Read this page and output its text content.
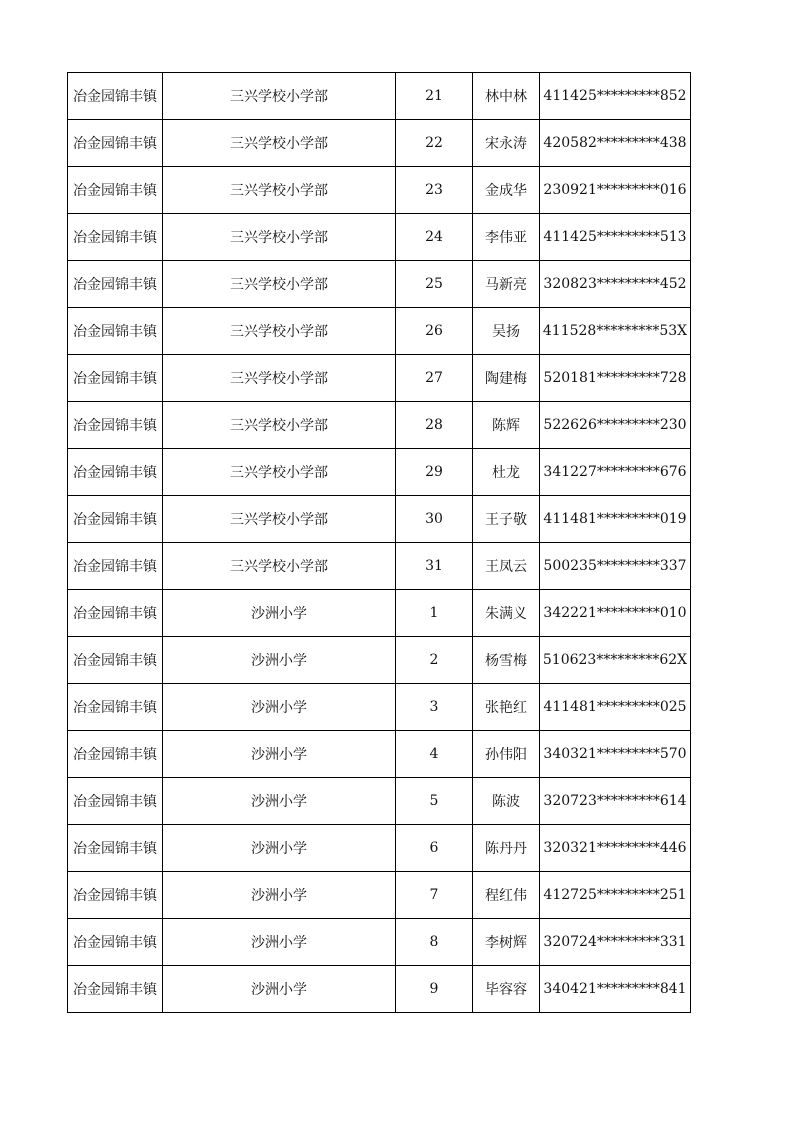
冶金园锦丰镇	三兴学校小学部	21	林中林	411425*********852
冶金园锦丰镇	三兴学校小学部	22	宋永涛	420582*********438
冶金园锦丰镇	三兴学校小学部	23	金成华	230921*********016
冶金园锦丰镇	三兴学校小学部	24	李伟亚	411425*********513
冶金园锦丰镇	三兴学校小学部	25	马新亮	320823*********452
冶金园锦丰镇	三兴学校小学部	26	吴扬	411528*********53X
冶金园锦丰镇	三兴学校小学部	27	陶建梅	520181*********728
冶金园锦丰镇	三兴学校小学部	28	陈辉	522626*********230
冶金园锦丰镇	三兴学校小学部	29	杜龙	341227*********676
冶金园锦丰镇	三兴学校小学部	30	王子敬	411481*********019
冶金园锦丰镇	三兴学校小学部	31	王凤云	500235*********337
冶金园锦丰镇	沙洲小学	1	朱满义	342221*********010
冶金园锦丰镇	沙洲小学	2	杨雪梅	510623*********62X
冶金园锦丰镇	沙洲小学	3	张艳红	411481*********025
冶金园锦丰镇	沙洲小学	4	孙伟阳	340321*********570
冶金园锦丰镇	沙洲小学	5	陈波	320723*********614
冶金园锦丰镇	沙洲小学	6	陈丹丹	320321*********446
冶金园锦丰镇	沙洲小学	7	程红伟	412725*********251
冶金园锦丰镇	沙洲小学	8	李树辉	320724*********331
冶金园锦丰镇	沙洲小学	9	毕容容	340421*********841
